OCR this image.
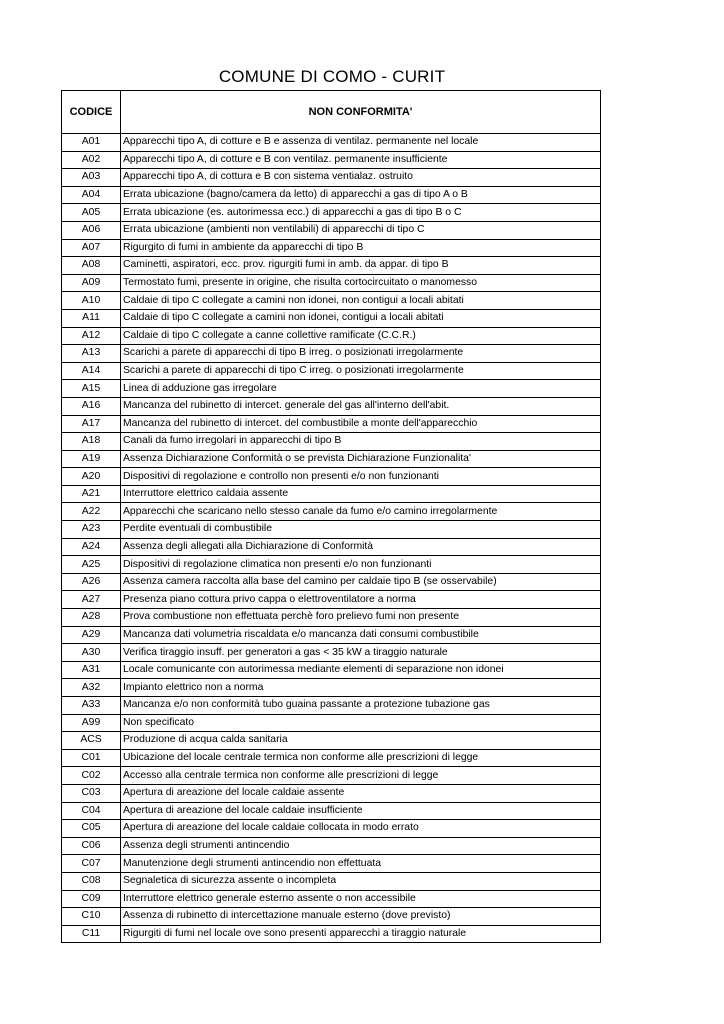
COMUNE DI COMO - CURIT
CODICE	NON CONFORMITA'
A01	Apparecchi tipo A, di cotture e B e assenza di ventilaz. permanente nel locale
A02	Apparecchi tipo A, di cotture e B con ventilaz. permanente insufficiente
A03	Apparecchi tipo A, di cottura e B con sistema ventialaz. ostruito
A04	Errata ubicazione (bagno/camera da letto) di apparecchi a gas di tipo A o B
A05	Errata ubicazione (es. autorimessa ecc.) di apparecchi a gas di tipo B o C
A06	Errata ubicazione (ambienti non ventilabili) di apparecchi di tipo C
A07	Rigurgito di fumi in ambiente da apparecchi di tipo B
A08	Caminetti, aspiratori, ecc. prov. rigurgiti fumi in amb. da appar. di tipo B
A09	Termostato fumi, presente in origine, che risulta cortocircuitato o manomesso
A10	Caldaie di tipo C collegate a camini non idonei, non contigui a locali abitati
A11	Caldaie di tipo C collegate a camini non idonei, contigui a locali abitati
A12	Caldaie di tipo C collegate a canne collettive ramificate (C.C.R.)
A13	Scarichi a parete di apparecchi di tipo B irreg. o posizionati irregolarmente
A14	Scarichi a parete di apparecchi di tipo C irreg. o posizionati irregolarmente
A15	Linea di adduzione gas irregolare
A16	Mancanza del rubinetto di intercet. generale del gas all'interno dell'abit.
A17	Mancanza del rubinetto di intercet. del combustibile a monte dell'apparecchio
A18	Canali da fumo irregolari in apparecchi di tipo B
A19	Assenza Dichiarazione Conformità o se prevista Dichiarazione Funzionalita'
A20	Dispositivi di regolazione e controllo non presenti e/o non funzionanti
A21	Interruttore elettrico caldaia assente
A22	Apparecchi che scaricano nello stesso canale da fumo e/o camino irregolarmente
A23	Perdite eventuali di combustibile
A24	Assenza degli allegati alla Dichiarazione di Conformità
A25	Dispositivi di regolazione climatica non presenti e/o non funzionanti
A26	Assenza camera raccolta alla base del camino per caldaie tipo B (se osservabile)
A27	Presenza piano cottura privo cappa o elettroventilatore a norma
A28	Prova combustione non effettuata perchè foro prelievo fumi non presente
A29	Mancanza dati volumetria riscaldata e/o mancanza dati consumi combustibile
A30	Verifica tiraggio insuff. per generatori a gas < 35 kW a tiraggio naturale
A31	Locale comunicante con autorimessa mediante elementi di separazione non idonei
A32	Impianto elettrico non a norma
A33	Mancanza e/o non conformità tubo guaina passante a protezione tubazione gas
A99	Non specificato
ACS	Produzione di acqua calda sanitaria
C01	Ubicazione del locale centrale termica non conforme alle prescrizioni di legge
C02	Accesso alla centrale termica non conforme alle prescrizioni di legge
C03	Apertura di areazione del locale caldaie assente
C04	Apertura di areazione del locale caldaie insufficiente
C05	Apertura di areazione del locale caldaie collocata in modo errato
C06	Assenza degli strumenti antincendio
C07	Manutenzione degli strumenti antincendio non effettuata
C08	Segnaletica di sicurezza assente o incompleta
C09	Interruttore elettrico generale esterno assente o non accessibile
C10	Assenza di rubinetto di intercettazione manuale esterno (dove previsto)
C11	Rigurgiti di fumi nel locale ove sono presenti apparecchi a tiraggio naturale
